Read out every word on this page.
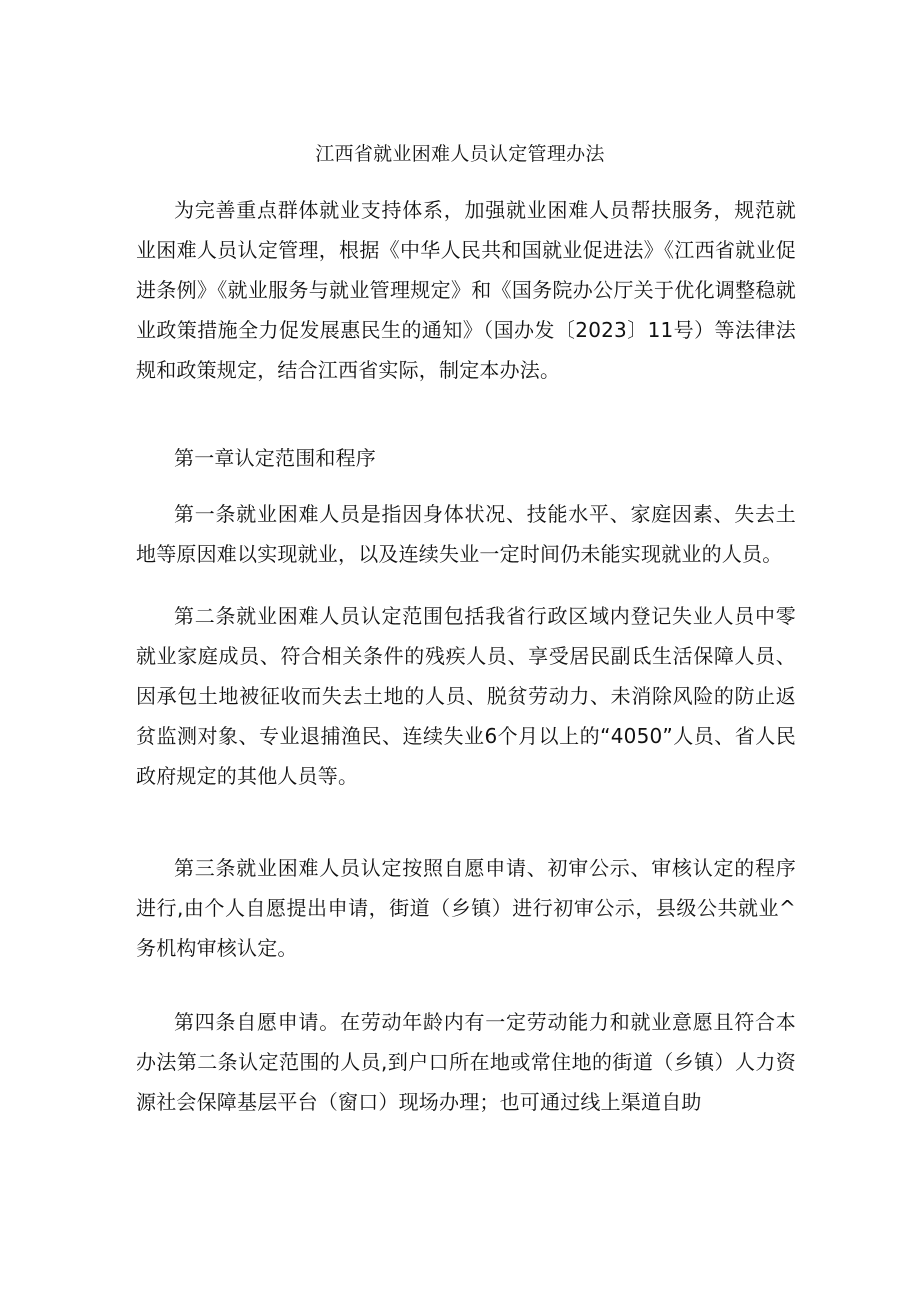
江西省就业困难人员认定管理办法
为完善重点群体就业支持体系，加强就业困难人员帮扶服务，规范就业困难人员认定管理，根据《中华人民共和国就业促进法》《江西省就业促进条例》《就业服务与就业管理规定》和《国务院办公厅关于优化调整稳就业政策措施全力促发展惠民生的通知》（国办发〔2023〕11号）等法律法规和政策规定，结合江西省实际，制定本办法。
第一章认定范围和程序
第一条就业困难人员是指因身体状况、技能水平、家庭因素、失去土地等原因难以实现就业，以及连续失业一定时间仍未能实现就业的人员。
第二条就业困难人员认定范围包括我省行政区域内登记失业人员中零就业家庭成员、符合相关条件的残疾人员、享受居民副氐生活保障人员、因承包土地被征收而失去土地的人员、脱贫劳动力、未消除风险的防止返贫监测对象、专业退捕渔民、连续失业6个月以上的“4050”人员、省人民政府规定的其他人员等。
第三条就业困难人员认定按照自愿申请、初审公示、审核认定的程序进行,由个人自愿提出申请，街道（乡镇）进行初审公示，县级公共就业^务机构审核认定。
第四条自愿申请。在劳动年龄内有一定劳动能力和就业意愿且符合本办法第二条认定范围的人员,到户口所在地或常住地的街道（乡镇）人力资源社会保障基层平台（窗口）现场办理；也可通过线上渠道自助
